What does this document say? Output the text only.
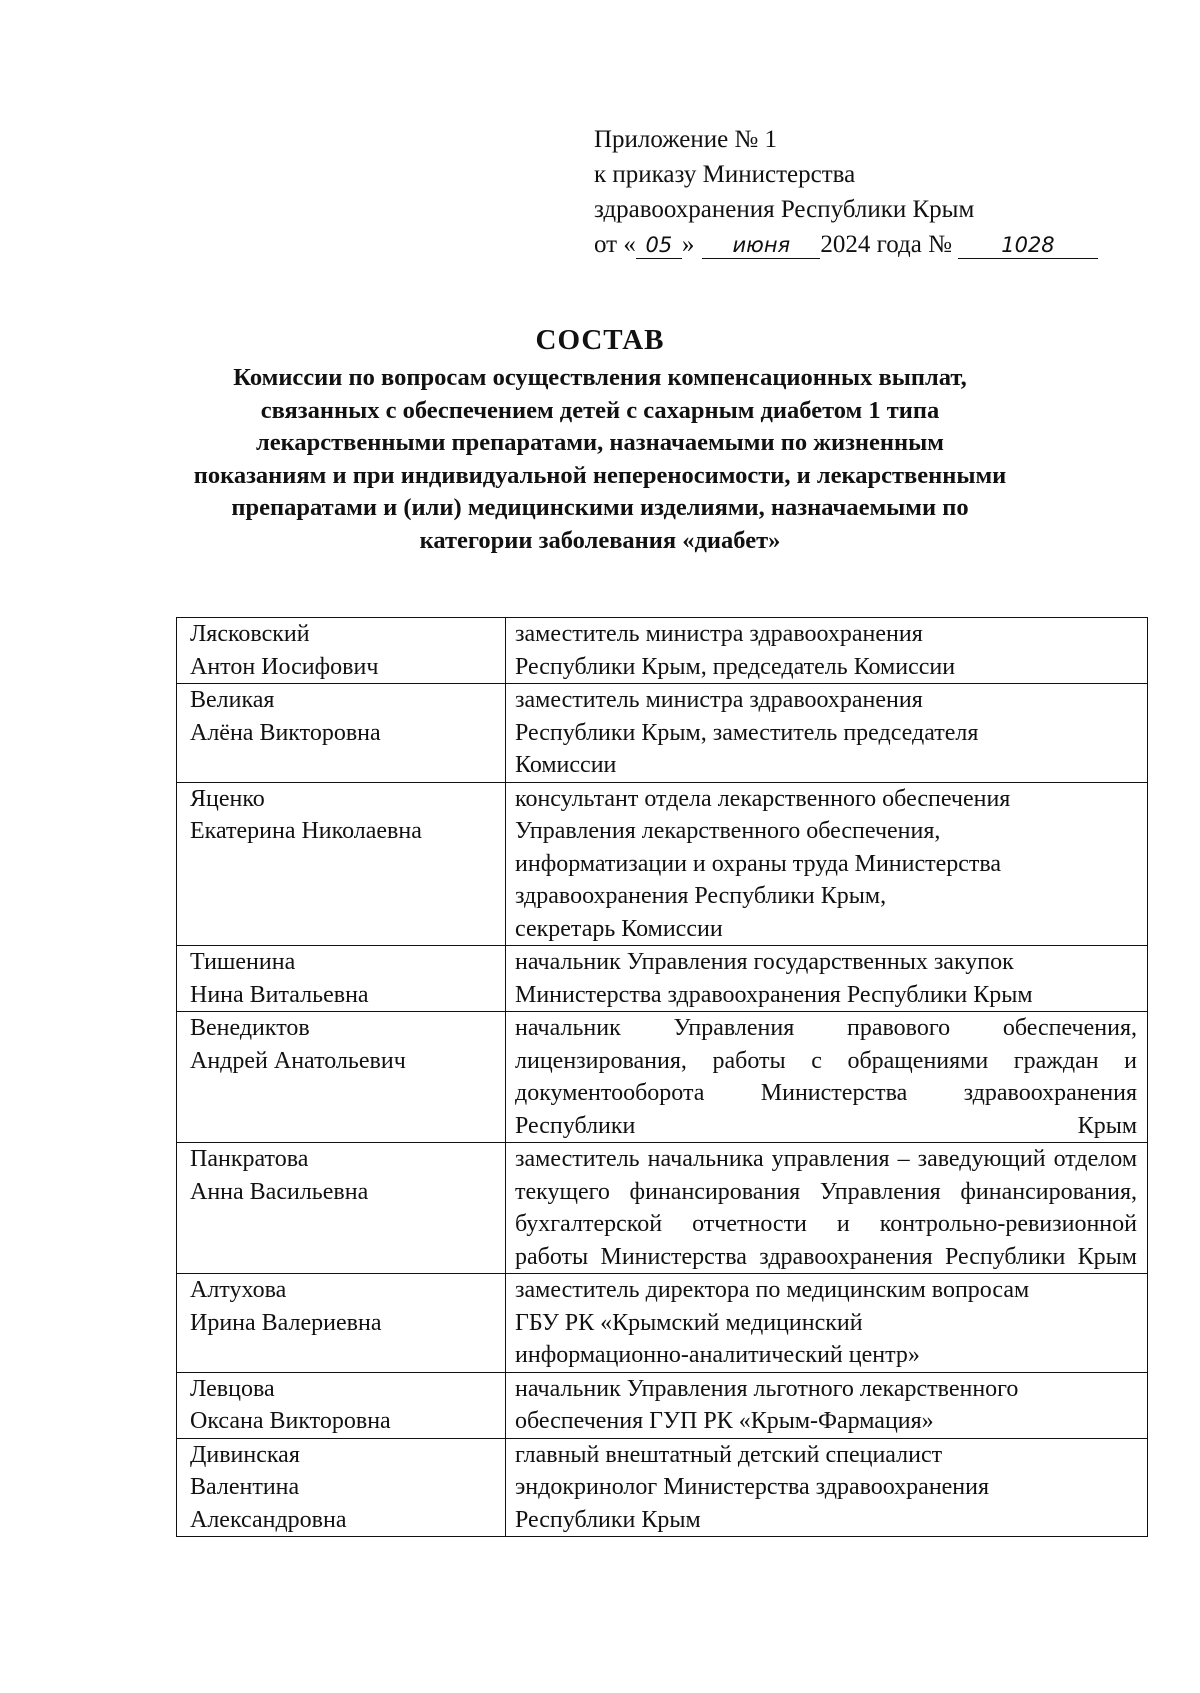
Приложение № 1
к приказу Министерства
здравоохранения Республики Крым
от « 05 » июня 2024 года № 1028
СОСТАВ
Комиссии по вопросам осуществления компенсационных выплат,
связанных с обеспечением детей с сахарным диабетом 1 типа
лекарственными препаратами, назначаемыми по жизненным
показаниям и при индивидуальной непереносимости, и лекарственными
препаратами и (или) медицинскими изделиями, назначаемыми по
категории заболевания «диабет»
Лясковский
Антон Иосифович	заместитель министра здравоохранения
Республики Крым, председатель Комиссии
Великая
Алёна Викторовна	заместитель министра здравоохранения
Республики Крым, заместитель председателя
Комиссии
Яценко
Екатерина Николаевна	консультант отдела лекарственного обеспечения
Управления лекарственного обеспечения,
информатизации и охраны труда Министерства
здравоохранения Республики Крым,
секретарь Комиссии
Тишенина
Нина Витальевна	начальник Управления государственных закупок
Министерства здравоохранения Республики Крым
Венедиктов
Андрей Анатольевич	начальник Управления правового обеспечения, лицензирования, работы с обращениями граждан и документооборота Министерства здравоохранения Республики Крым
Панкратова
Анна Васильевна	заместитель начальника управления – заведующий отделом текущего финансирования Управления финансирования, бухгалтерской отчетности и контрольно-ревизионной работы Министерства здравоохранения Республики Крым
Алтухова
Ирина Валериевна	заместитель директора по медицинским вопросам
ГБУ РК «Крымский медицинский
информационно-аналитический центр»
Левцова
Оксана Викторовна	начальник Управления льготного лекарственного
обеспечения ГУП РК «Крым-Фармация»
Дивинская
Валентина
Александровна	главный внештатный детский специалист
эндокринолог Министерства здравоохранения
Республики Крым
